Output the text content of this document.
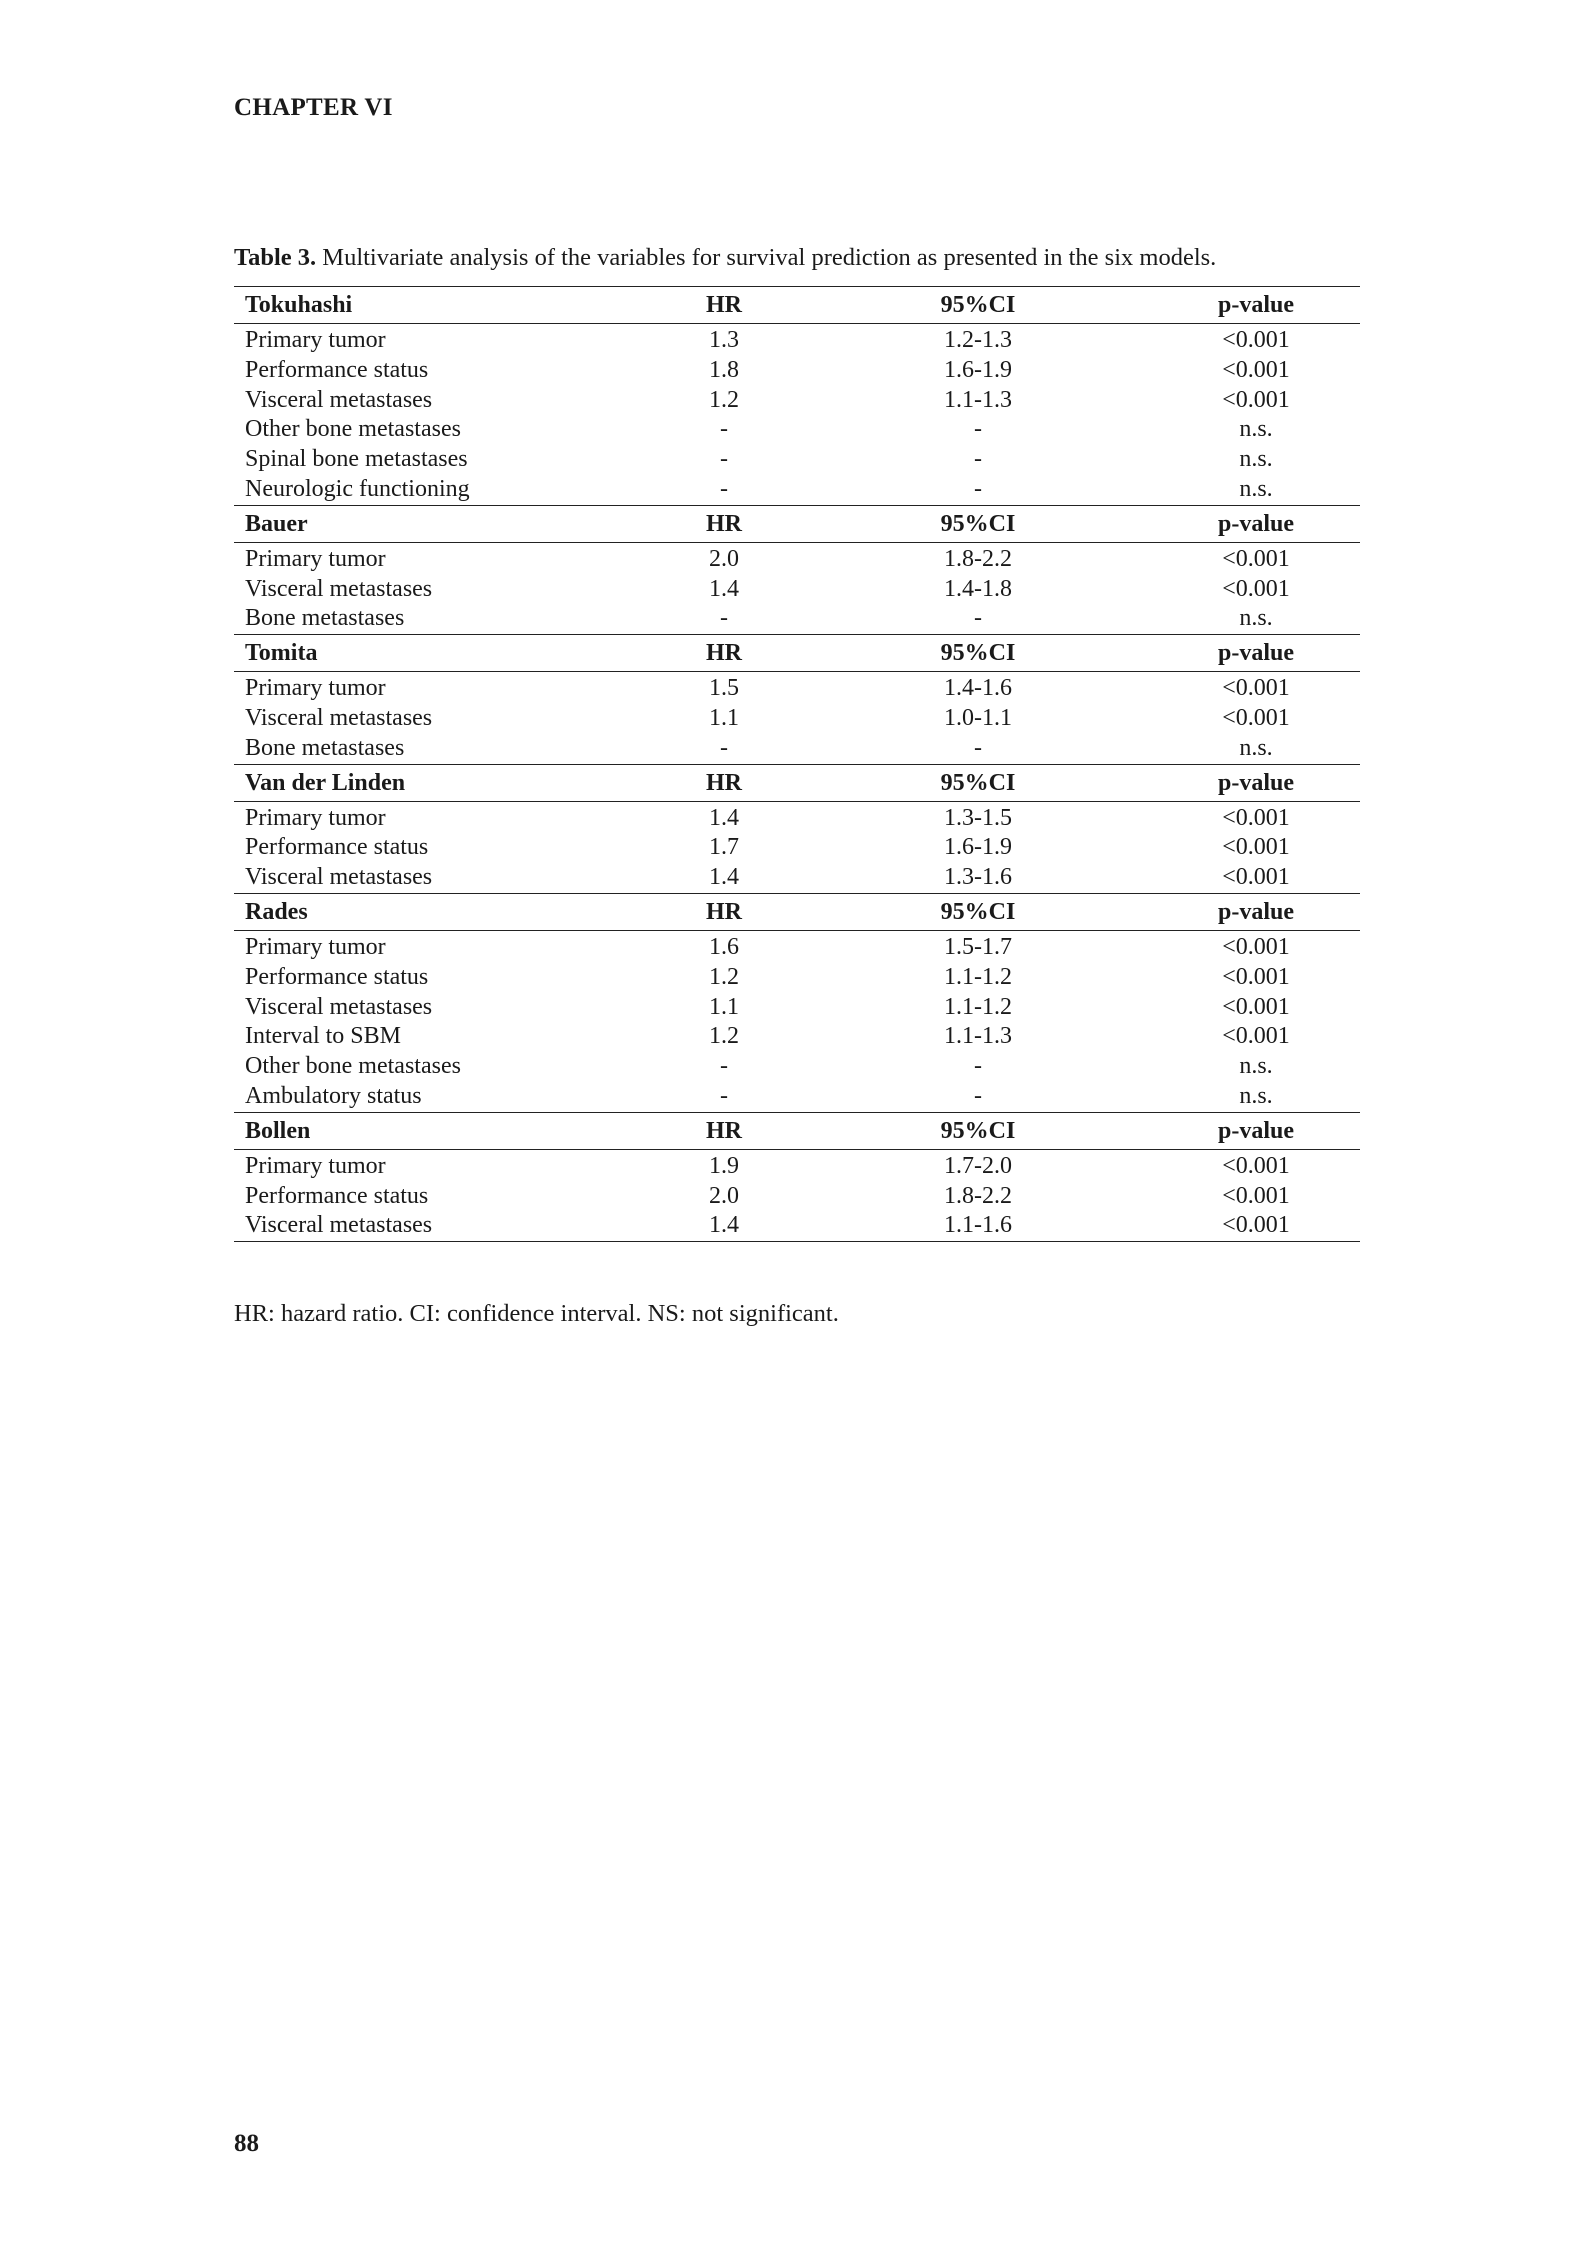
CHAPTER VI
Table 3. Multivariate analysis of the variables for survival prediction as presented in the six models.
Tokuhashi	HR	95%CI	p-value
Primary tumor	1.3	1.2-1.3	<0.001
Performance status	1.8	1.6-1.9	<0.001
Visceral metastases	1.2	1.1-1.3	<0.001
Other bone metastases	-	-	n.s.
Spinal bone metastases	-	-	n.s.
Neurologic functioning	-	-	n.s.
Bauer	HR	95%CI	p-value
Primary tumor	2.0	1.8-2.2	<0.001
Visceral metastases	1.4	1.4-1.8	<0.001
Bone metastases	-	-	n.s.
Tomita	HR	95%CI	p-value
Primary tumor	1.5	1.4-1.6	<0.001
Visceral metastases	1.1	1.0-1.1	<0.001
Bone metastases	-	-	n.s.
Van der Linden	HR	95%CI	p-value
Primary tumor	1.4	1.3-1.5	<0.001
Performance status	1.7	1.6-1.9	<0.001
Visceral metastases	1.4	1.3-1.6	<0.001
Rades	HR	95%CI	p-value
Primary tumor	1.6	1.5-1.7	<0.001
Performance status	1.2	1.1-1.2	<0.001
Visceral metastases	1.1	1.1-1.2	<0.001
Interval to SBM	1.2	1.1-1.3	<0.001
Other bone metastases	-	-	n.s.
Ambulatory status	-	-	n.s.
Bollen	HR	95%CI	p-value
Primary tumor	1.9	1.7-2.0	<0.001
Performance status	2.0	1.8-2.2	<0.001
Visceral metastases	1.4	1.1-1.6	<0.001
HR: hazard ratio. CI: confidence interval. NS: not significant.
88
